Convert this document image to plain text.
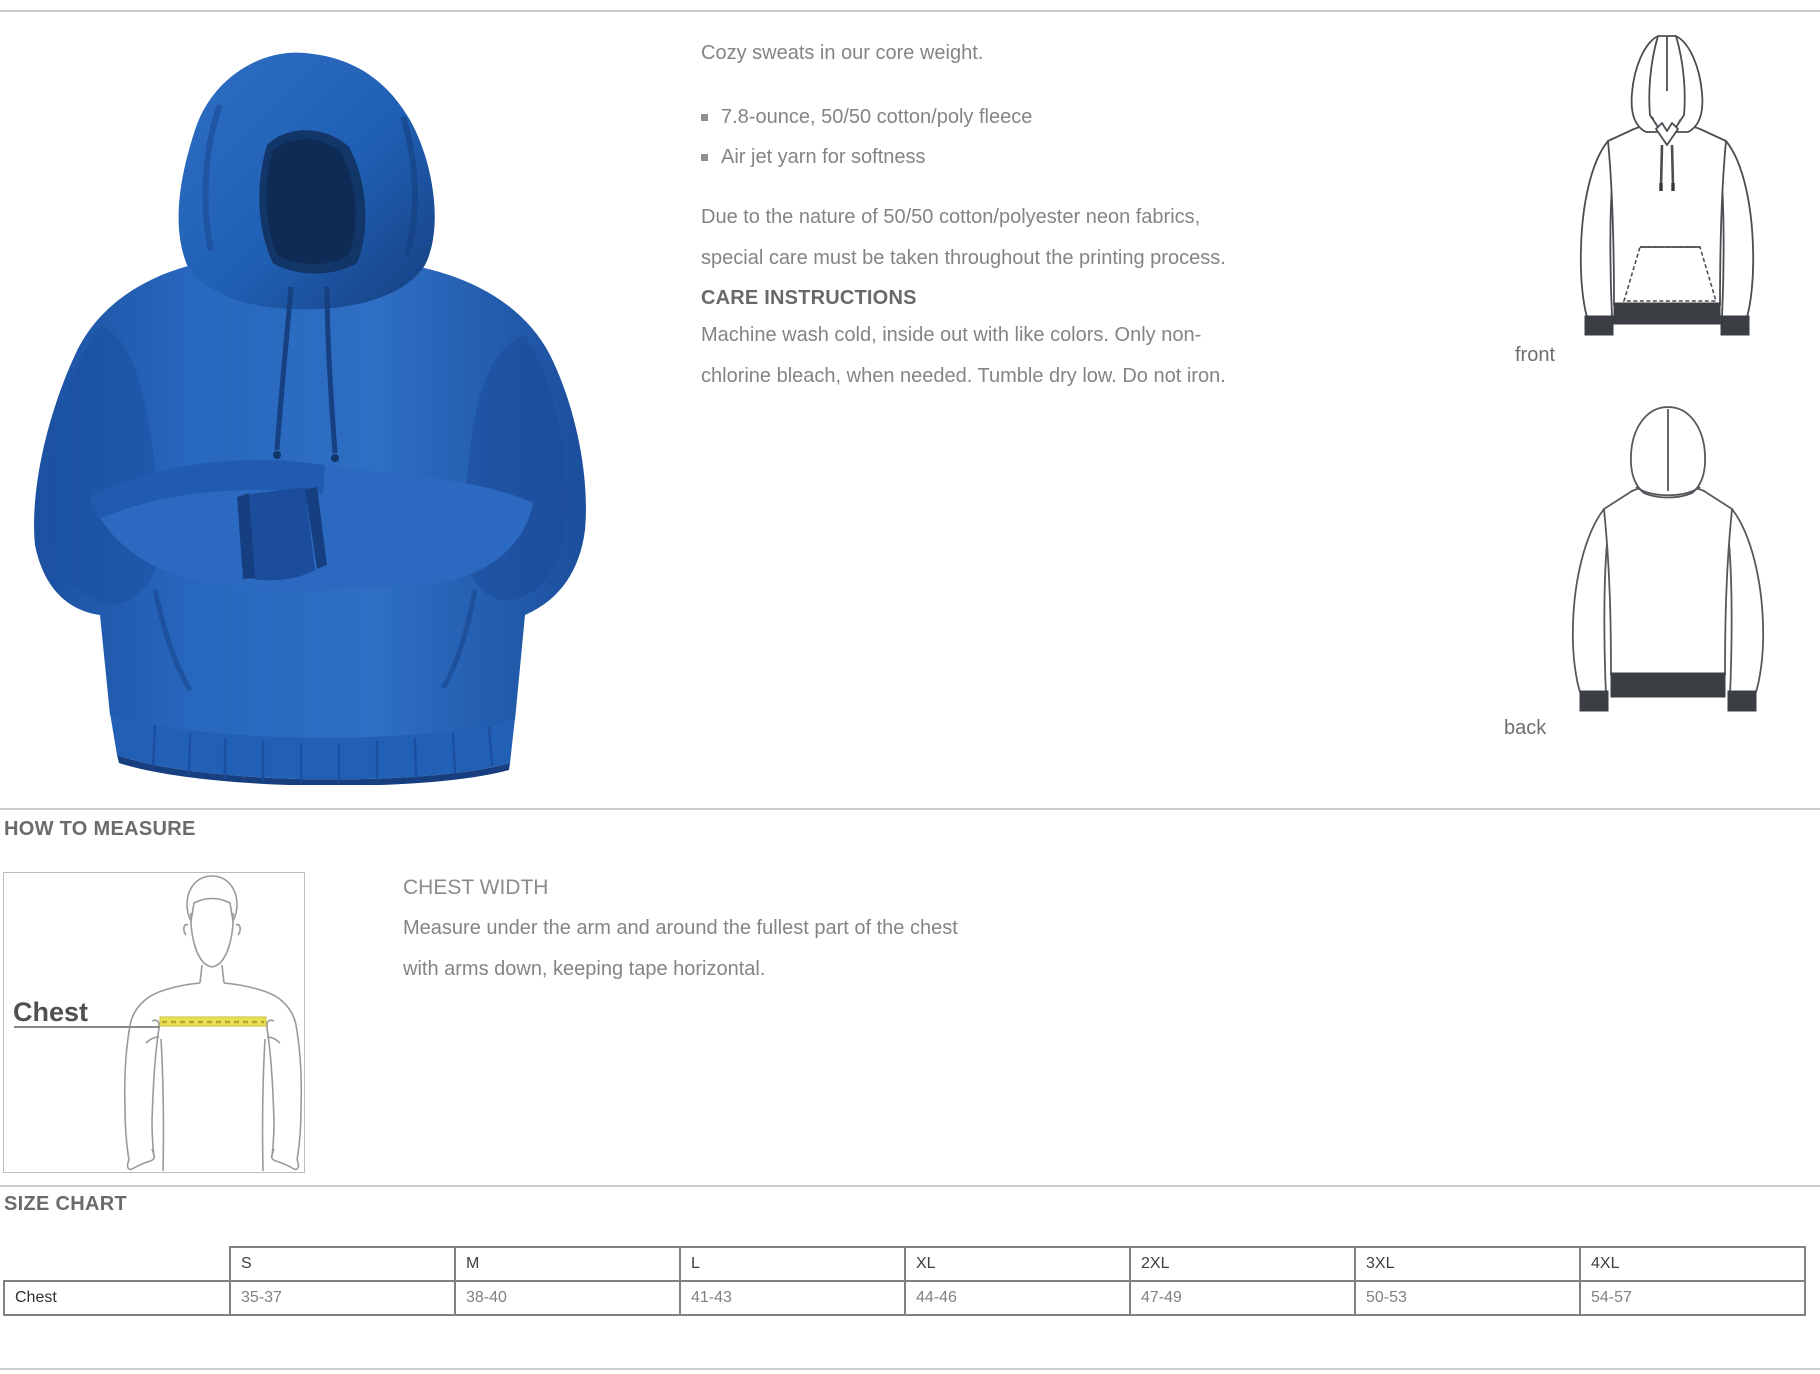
Cozy sweats in our core weight.
7.8-ounce, 50/50 cotton/poly fleece
Air jet yarn for softness
Due to the nature of 50/50 cotton/polyester neon fabrics,
special care must be taken throughout the printing process.
CARE INSTRUCTIONS
Machine wash cold, inside out with like colors. Only non-
chlorine bleach, when needed. Tumble dry low. Do not iron.
front
back
HOW TO MEASURE
Chest
CHEST WIDTH
Measure under the arm and around the fullest part of the chest
with arms down, keeping tape horizontal.
SIZE CHART
	S	M	L	XL	2XL	3XL	4XL
Chest	35-37	38-40	41-43	44-46	47-49	50-53	54-57
